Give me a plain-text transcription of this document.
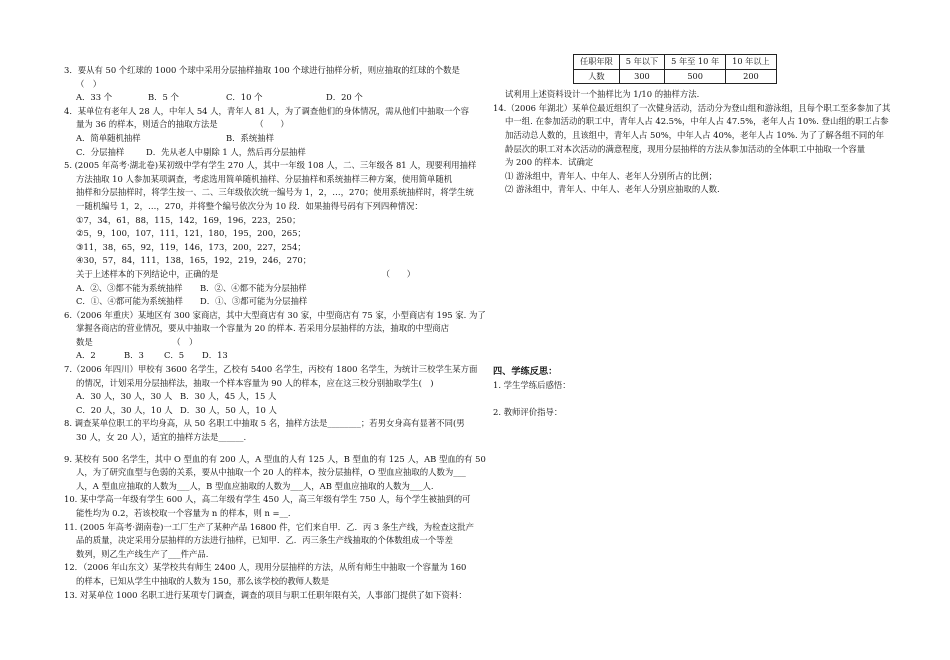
3．要从有 50 个红球的 1000 个球中采用分层抽样抽取 100 个球进行抽样分析，则应抽取的红球的个数是
（　）
A．33 个	B．5 个	C．10 个	D．20 个
4．某单位有老年人 28 人，中年人 54 人，青年人 81 人，为了调查他们的身体情况，需从他们中抽取一个容
量为 36 的样本，则适合的抽取方法是　　　　　（　　）
A．简单随机抽样	B．系统抽样
C．分层抽样	D．先从老人中剔除 1 人，然后再分层抽样
5. (2005 年高考·湖北卷)某初级中学有学生 270 人，其中一年级 108 人，二、三年级各 81 人，现要利用抽样
方法抽取 10 人参加某项调查，考虑选用简单随机抽样、分层抽样和系统抽样三种方案，使用简单随机
抽样和分层抽样时，将学生按一、二、三年级依次统一编号为 1，2，…，270；使用系统抽样时，将学生统
一随机编号 1，2，…，270，并将整个编号依次分为 10 段．如果抽得号码有下列四种情况：
①7，34，61，88，115，142，169，196，223，250；
②5，9，100，107，111，121，180，195，200，265；
③11，38，65，92，119，146，173，200，227，254；
④30，57，84，111，138，165，192，219，246，270；
关于上述样本的下列结论中，正确的是　　　　　　　　　　　　　　　　　　　　（　　）
A．②、③都不能为系统抽样	B．②、④都不能为分层抽样
C．①、④都可能为系统抽样	D．①、③都可能为分层抽样
6.（2006 年重庆）某地区有 300 家商店，其中大型商店有 30 家，中型商店有 75 家，小型商店有 195 家. 为了
掌握各商店的营业情况，要从中抽取一个容量为 20 的样本. 若采用分层抽样的方法，抽取的中型商店
数是　　　　　　　　　　（　）
A．2	B．3	C．5	D．13
7.（2006 年四川）甲校有 3600 名学生，乙校有 5400 名学生，丙校有 1800 名学生，为统计三校学生某方面
的情况，计划采用分层抽样法，抽取一个样本容量为 90 人的样本，应在这三校分别抽取学生(　)
A．30 人，30 人，30 人 B．30 人，45 人，15 人
C．20 人，30 人，10 人 D．30 人，50 人，10 人
8. 调查某单位职工的平均身高，从 50 名职工中抽取 5 名，抽样方法是________；若男女身高有显著不同(男
30 人，女 20 人），适宜的抽样方法是______.
9. 某校有 500 名学生，其中 O 型血的有 200 人，A 型血的人有 125 人，B 型血的有 125 人，AB 型血的有 50
人，为了研究血型与色弱的关系，要从中抽取一个 20 人的样本，按分层抽样，O 型血应抽取的人数为___
人，A 型血应抽取的人数为___人，B 型血应抽取的人数为___人，AB 型血应抽取的人数为___人.
10. 某中学高一年级有学生 600 人，高二年级有学生 450 人，高三年级有学生 750 人，每个学生被抽到的可
能性均为 0.2，若该校取一个容量为 n 的样本，则 n =__.
11. (2005 年高考·湖南卷)一工厂生产了某种产品 16800 件，它们来自甲．乙．丙 3 条生产线，为检查这批产
品的质量，决定采用分层抽样的方法进行抽样，已知甲．乙．丙三条生产线抽取的个体数组成一个等差
数列，则乙生产线生产了___件产品.
12．（2006 年山东文）某学校共有师生 2400 人，现用分层抽样的方法，从所有师生中抽取一个容量为 160
的样本，已知从学生中抽取的人数为 150，那么该学校的教师人数是
13. 对某单位 1000 名职工进行某项专门调查，调查的项目与职工任职年限有关，人事部门提供了如下资料：
任职年限	5 年以下	5 年至 10 年	10 年以上
人数	300	500	200
试利用上述资料设计一个抽样比为 1/10 的抽样方法.
14.（2006 年湖北）某单位最近组织了一次健身活动，活动分为登山组和游泳组，且每个职工至多参加了其
中一组. 在参加活动的职工中，青年人占 42.5%，中年人占 47.5%，老年人占 10%. 登山组的职工占参
加活动总人数的，且该组中，青年人占 50%，中年人占 40%，老年人占 10%. 为了了解各组不同的年
龄层次的职工对本次活动的满意程度，现用分层抽样的方法从参加活动的全体职工中抽取一个容量
为 200 的样本．试确定
⑴ 游泳组中，青年人、中年人、老年人分别所占的比例；
⑵ 游泳组中，青年人、中年人、老年人分别应抽取的人数.
四、学练反思：
1. 学生学练后感悟：
2. 教师评价指导：
